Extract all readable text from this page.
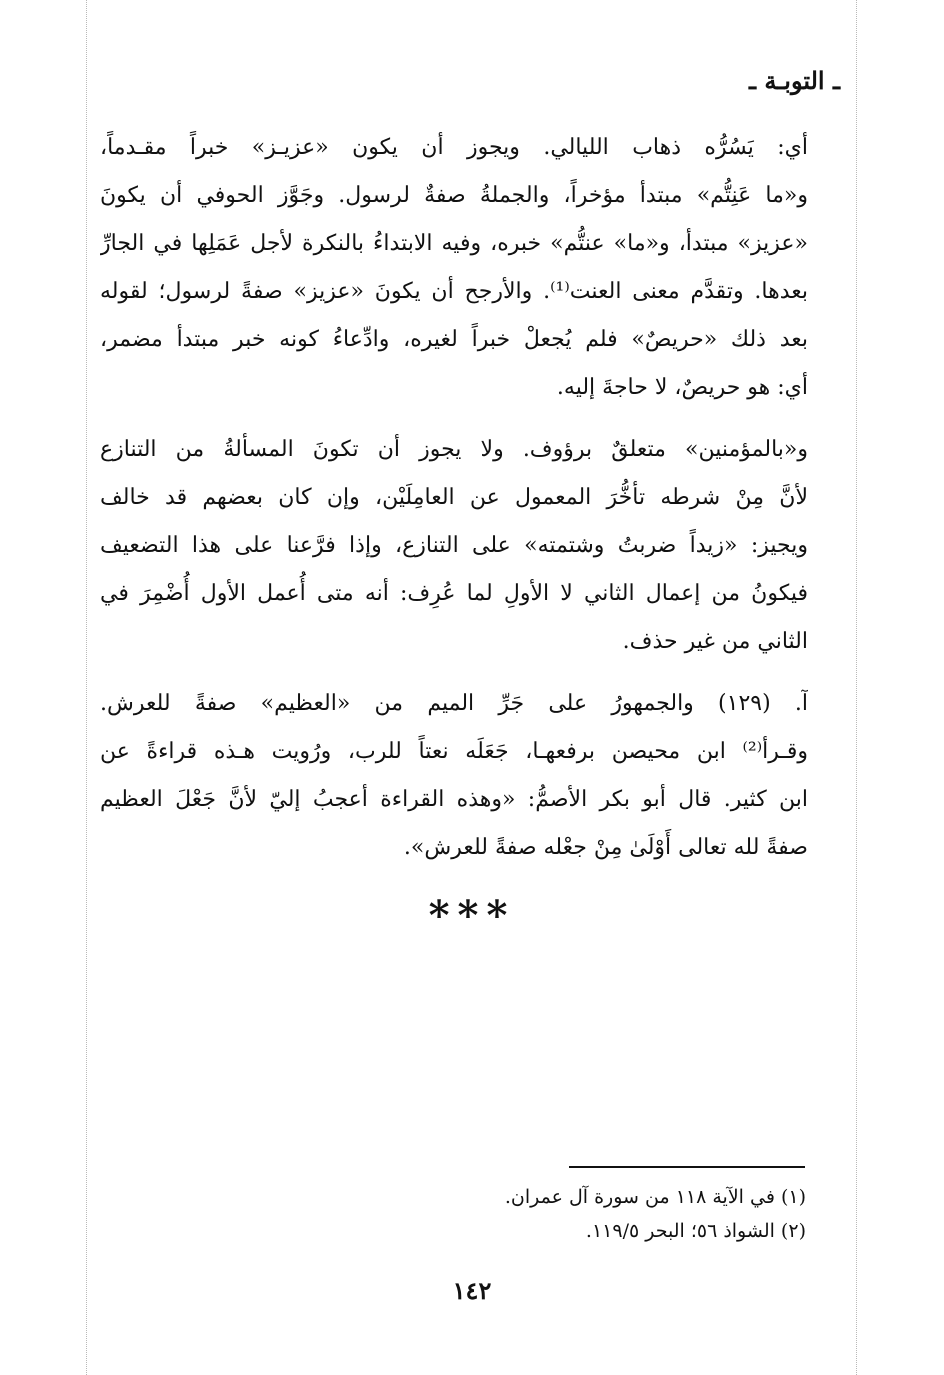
ـ التوبـة ـ
أي: يَسُرُّه ذهاب الليالي. ويجوز أن يكون «عزيـز» خبراً مقـدماً،
و«ما عَنِتُّم» مبتدأ مؤخراً، والجملةُ صفةٌ لرسول. وجَوَّز الحوفي أن يكونَ
«عزيز» مبتدأ، و«ما» عنتُّم» خبره، وفيه الابتداءُ بالنكرة لأجل عَمَلِها في الجارِّ
بعدها. وتقدَّم معنى العنت⁽¹⁾. والأرجح أن يكونَ «عزيز» صفةً لرسول؛ لقوله
بعد ذلك «حريصٌ» فلم يُجعلْ خبراً لغيره، وادِّعاءُ كونه خبر مبتدأ مضمر،
أي: هو حريصٌ، لا حاجةَ إليه.
و«بالمؤمنين» متعلقٌ برؤوف. ولا يجوز أن تكونَ المسألةُ من التنازع
لأنَّ مِنْ شرطه تأخُّرَ المعمول عن العامِلَيْن، وإن كان بعضهم قد خالف
ويجيز: «زيداً ضربتُ وشتمته» على التنازع، وإذا فرَّعنا على هذا التضعيف
فيكونُ من إعمال الثاني لا الأولِ لما عُرِف: أنه متى أُعمل الأول أُضْمِرَ في
الثاني من غير حذف.
آ. (١٢٩) والجمهورُ على جَرِّ الميم من «العظيم» صفةً للعرش.
وقـرأ⁽²⁾ ابن محيصن برفعهـا، جَعَلَه نعتاً للرب، ورُويت هـذه قراءةً عن
ابن كثير. قال أبو بكر الأصمُّ: «وهذه القراءة أعجبُ إليّ لأنَّ جَعْلَ العظيم
صفةً لله تعالى أَوْلَىٰ مِنْ جعْله صفةً للعرش».
***
(١) في الآية ١١٨ من سورة آل عمران.
(٢) الشواذ ٥٦؛ البحر ١١٩/٥.
١٤٢
